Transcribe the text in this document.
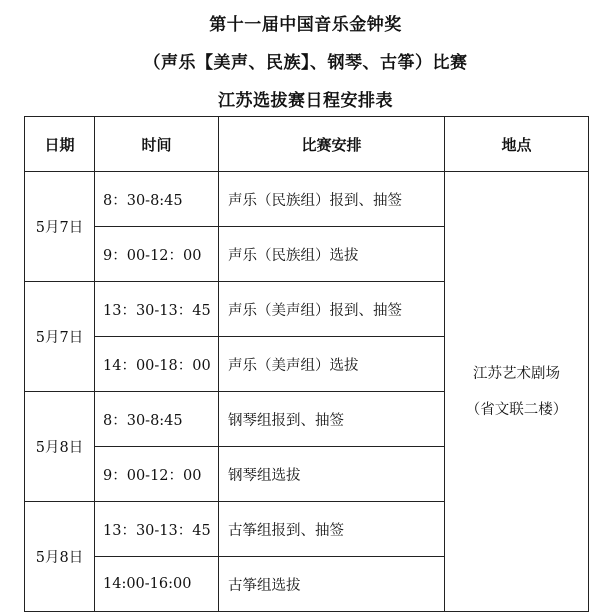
第十一届中国音乐金钟奖
（声乐【美声、民族】、钢琴、古筝）比赛
江苏选拔赛日程安排表
日期	时间	比赛安排	地点
5月7日	8：30-8:45	声乐（民族组）报到、抽签	江苏艺术剧场
（省文联二楼）

	9：00-12：00	声乐（民族组）选拔	
5月7日	13：30-13：45	声乐（美声组）报到、抽签	
	14：00-18：00	声乐（美声组）选拔	
5月8日	8：30-8:45	钢琴组报到、抽签	
	9：00-12：00	钢琴组选拔	
5月8日	13：30-13：45	古筝组报到、抽签	
	14:00-16:00	古筝组选拔	
